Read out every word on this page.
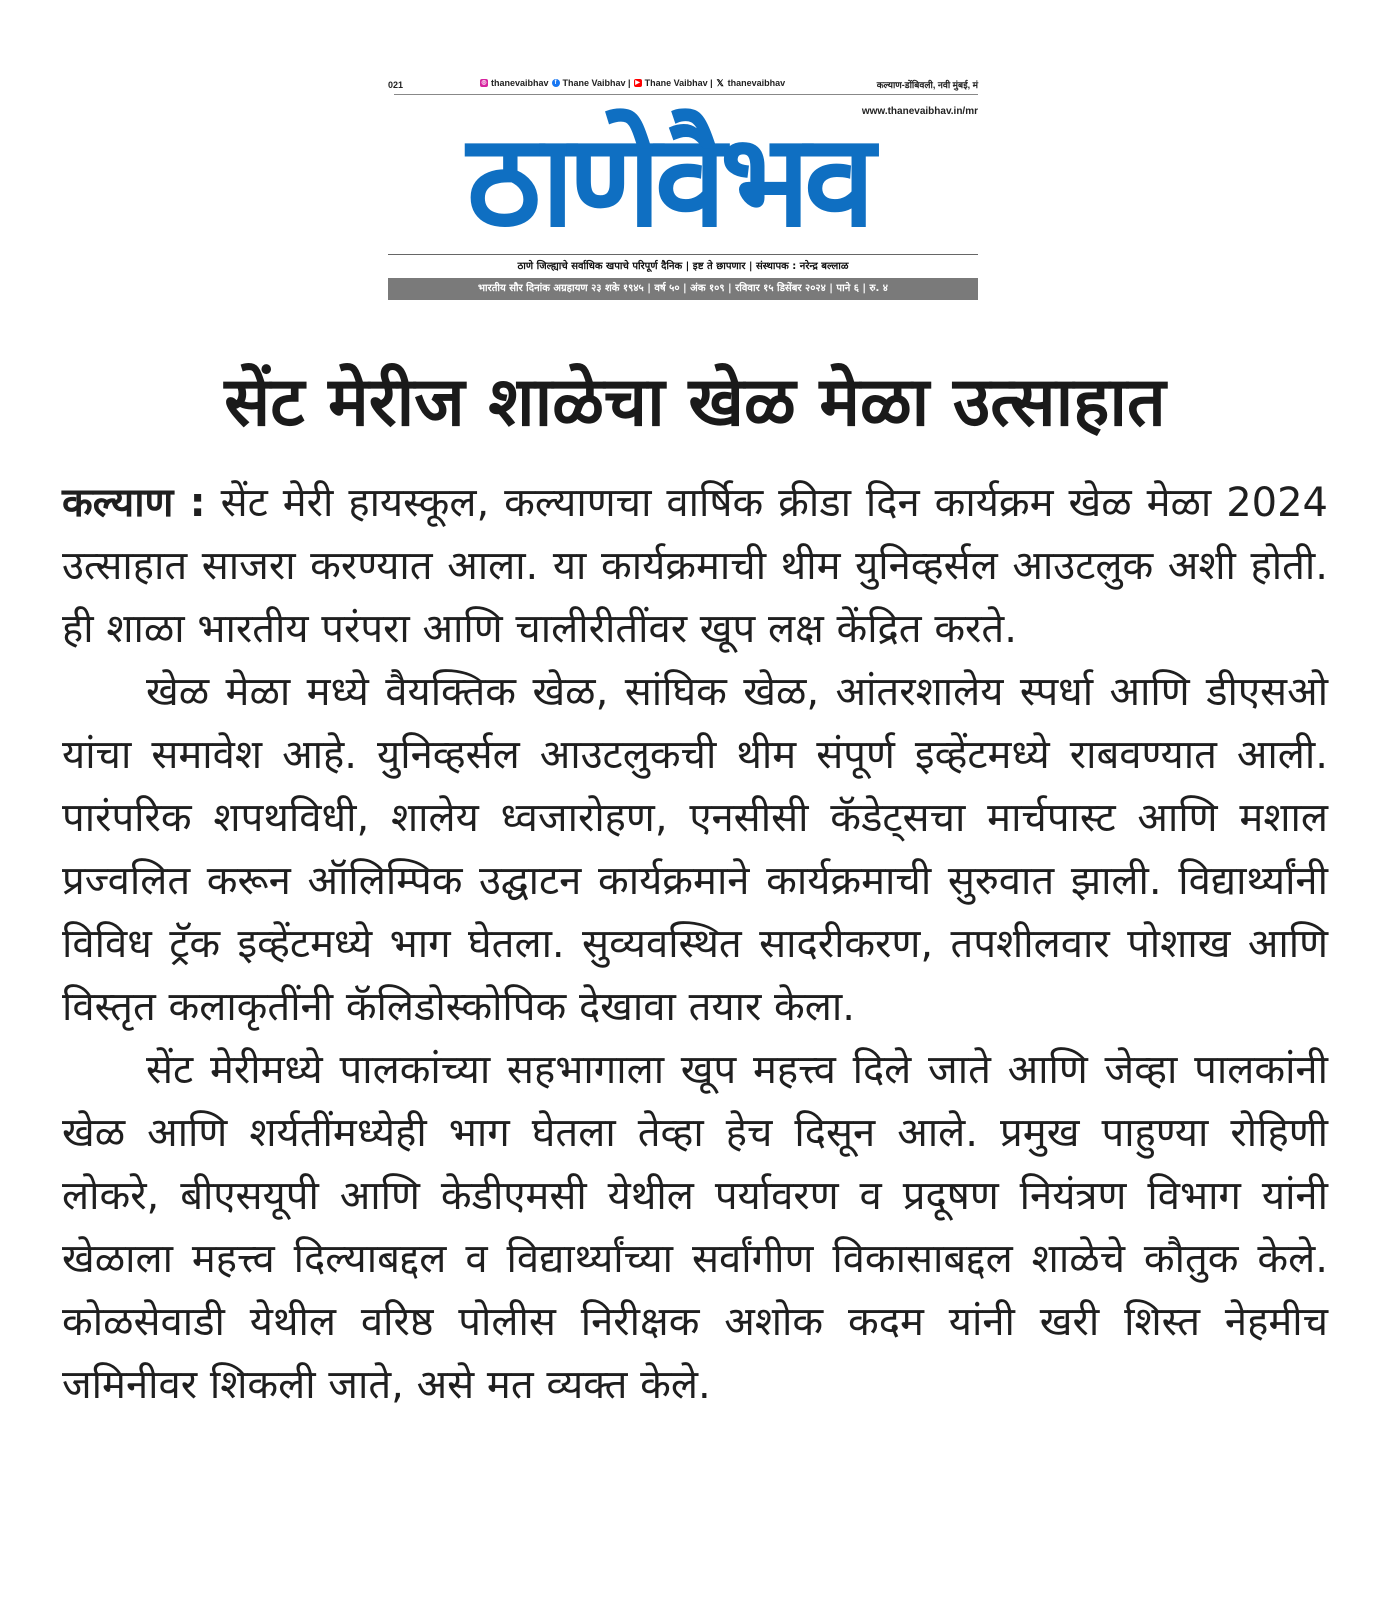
021	◎ thanevaibhav	f Thane Vaibhav | ▶ Thane Vaibhav | 𝕏 thanevaibhav	कल्याण-डोंबिवली, नवी मुंबई, मं
www.thanevaibhav.in/mr
ठाणेवैभव
ठाणे जिल्ह्याचे सर्वाधिक खपाचे परिपूर्ण दैनिक | इष्ट ते छापणार | संस्थापक : नरेन्द्र बल्लाळ
भारतीय सौर दिनांक अग्रहायण २३ शके १९४५ | वर्ष ५० | अंक १०९ | रविवार १५ डिसेंबर २०२४ | पाने ६ | रु. ४
सेंट मेरीज शाळेचा खेळ मेळा उत्साहात

कल्याण : सेंट मेरी हायस्कूल, कल्याणचा वार्षिक क्रीडा दिन कार्यक्रम खेळ मेळा 2024 उत्साहात साजरा करण्यात आला. या कार्यक्रमाची थीम युनिव्हर्सल आउटलुक अशी होती. ही शाळा भारतीय परंपरा आणि चालीरीतींवर खूप लक्ष केंद्रित करते.

खेळ मेळा मध्ये वैयक्तिक खेळ, सांघिक खेळ, आंतरशालेय स्पर्धा आणि डीएसओ यांचा समावेश आहे. युनिव्हर्सल आउटलुकची थीम संपूर्ण इव्हेंटमध्ये राबवण्यात आली. पारंपरिक शपथविधी, शालेय ध्वजारोहण, एनसीसी कॅडेट्सचा मार्चपास्ट आणि मशाल प्रज्वलित करून ऑलिम्पिक उद्घाटन कार्यक्रमाने कार्यक्रमाची सुरुवात झाली. विद्यार्थ्यांनी विविध ट्रॅक इव्हेंटमध्ये भाग घेतला. सुव्यवस्थित सादरीकरण, तपशीलवार पोशाख आणि विस्तृत कलाकृतींनी कॅलिडोस्कोपिक देखावा तयार केला.

सेंट मेरीमध्ये पालकांच्या सहभागाला खूप महत्त्व दिले जाते आणि जेव्हा पालकांनी खेळ आणि शर्यतींमध्येही भाग घेतला तेव्हा हेच दिसून आले. प्रमुख पाहुण्या रोहिणी लोकरे, बीएसयूपी आणि केडीएमसी येथील पर्यावरण व प्रदूषण नियंत्रण विभाग यांनी खेळाला महत्त्व दिल्याबद्दल व विद्यार्थ्यांच्या सर्वांगीण विकासाबद्दल शाळेचे कौतुक केले. कोळसेवाडी येथील वरिष्ठ पोलीस निरीक्षक अशोक कदम यांनी खरी शिस्त नेहमीच जमिनीवर शिकली जाते, असे मत व्यक्त केले.
